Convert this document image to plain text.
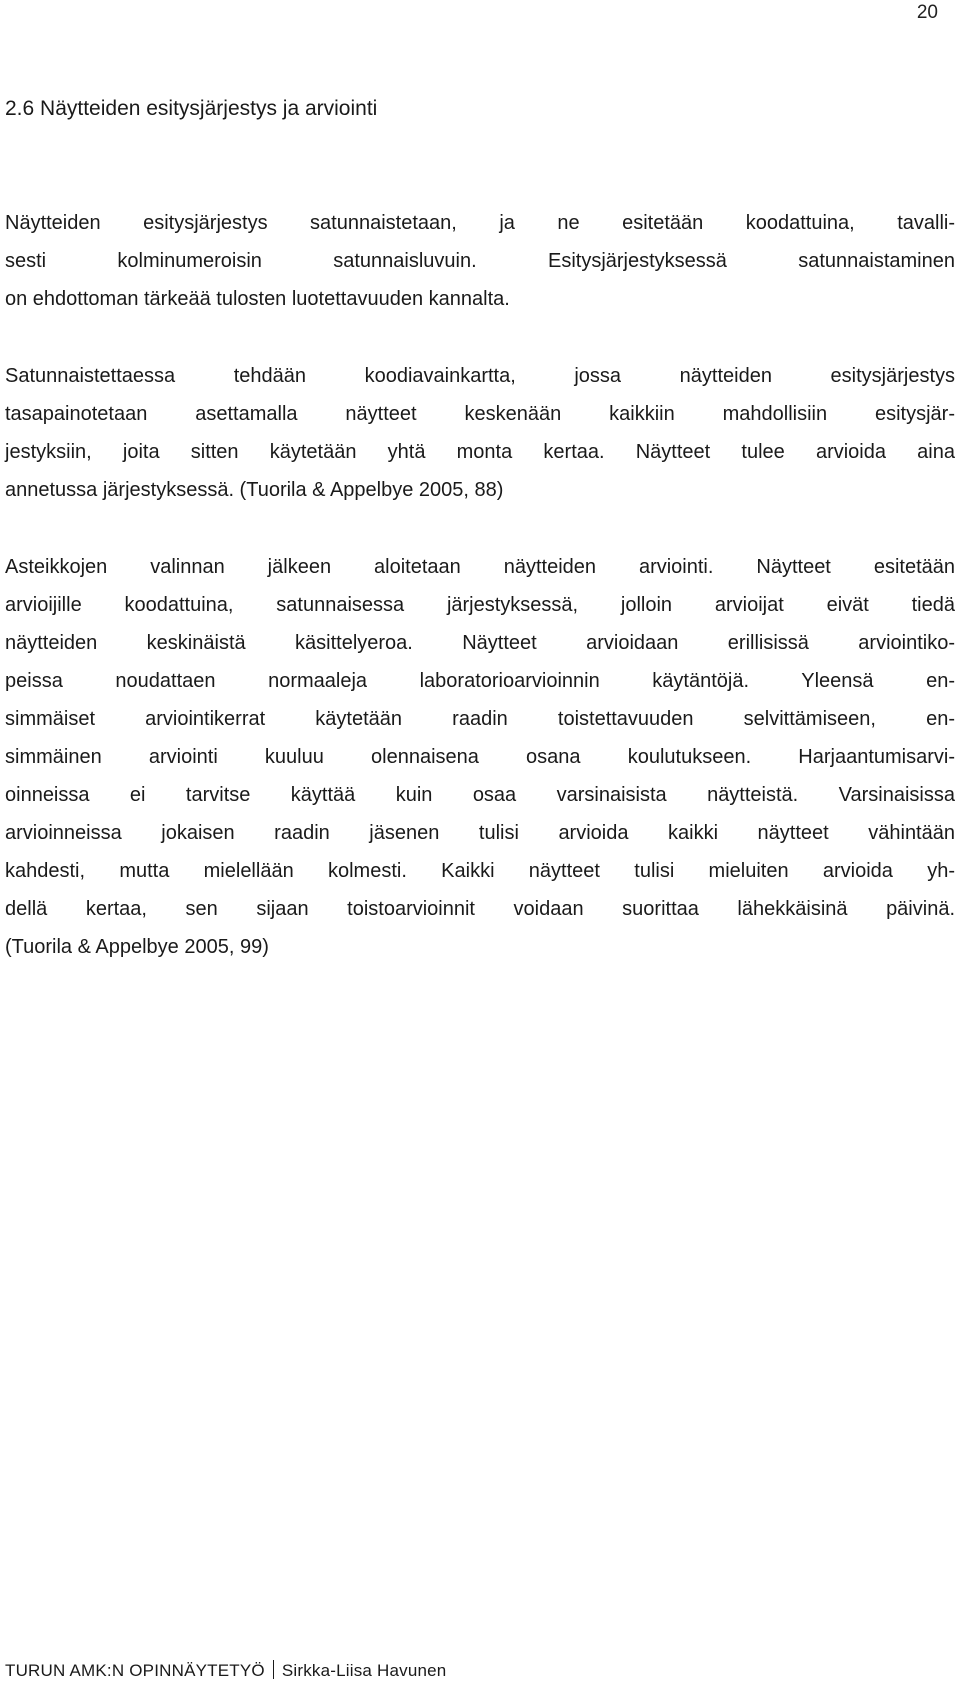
20
2.6 Näytteiden esitysjärjestys ja arviointi

Näytteiden esitysjärjestys satunnaistetaan, ja ne esitetään koodattuina, tavalli-
sesti kolminumeroisin satunnaisluvuin. Esitysjärjestyksessä satunnaistaminen
on ehdottoman tärkeää tulosten luotettavuuden kannalta.

Satunnaistettaessa tehdään koodiavainkartta, jossa näytteiden esitysjärjestys
tasapainotetaan asettamalla näytteet keskenään kaikkiin mahdollisiin esitysjär-
jestyksiin, joita sitten käytetään yhtä monta kertaa. Näytteet tulee arvioida aina
annetussa järjestyksessä. (Tuorila & Appelbye 2005, 88)

Asteikkojen valinnan jälkeen aloitetaan näytteiden arviointi. Näytteet esitetään
arvioijille koodattuina, satunnaisessa järjestyksessä, jolloin arvioijat eivät tiedä
näytteiden keskinäistä käsittelyeroa. Näytteet arvioidaan erillisissä arviointiko-
peissa noudattaen normaaleja laboratorioarvioinnin käytäntöjä. Yleensä en-
simmäiset arviointikerrat käytetään raadin toistettavuuden selvittämiseen, en-
simmäinen arviointi kuuluu olennaisena osana koulutukseen. Harjaantumisarvi-
oinneissa ei tarvitse käyttää kuin osaa varsinaisista näytteistä. Varsinaisissa
arvioinneissa jokaisen raadin jäsenen tulisi arvioida kaikki näytteet vähintään
kahdesti, mutta mielellään kolmesti. Kaikki näytteet tulisi mieluiten arvioida yh-
dellä kertaa, sen sijaan toistoarvioinnit voidaan suorittaa lähekkäisinä päivinä.
(Tuorila & Appelbye 2005, 99)

TURUN AMK:N OPINNÄYTETYÖ Sirkka-Liisa Havunen
